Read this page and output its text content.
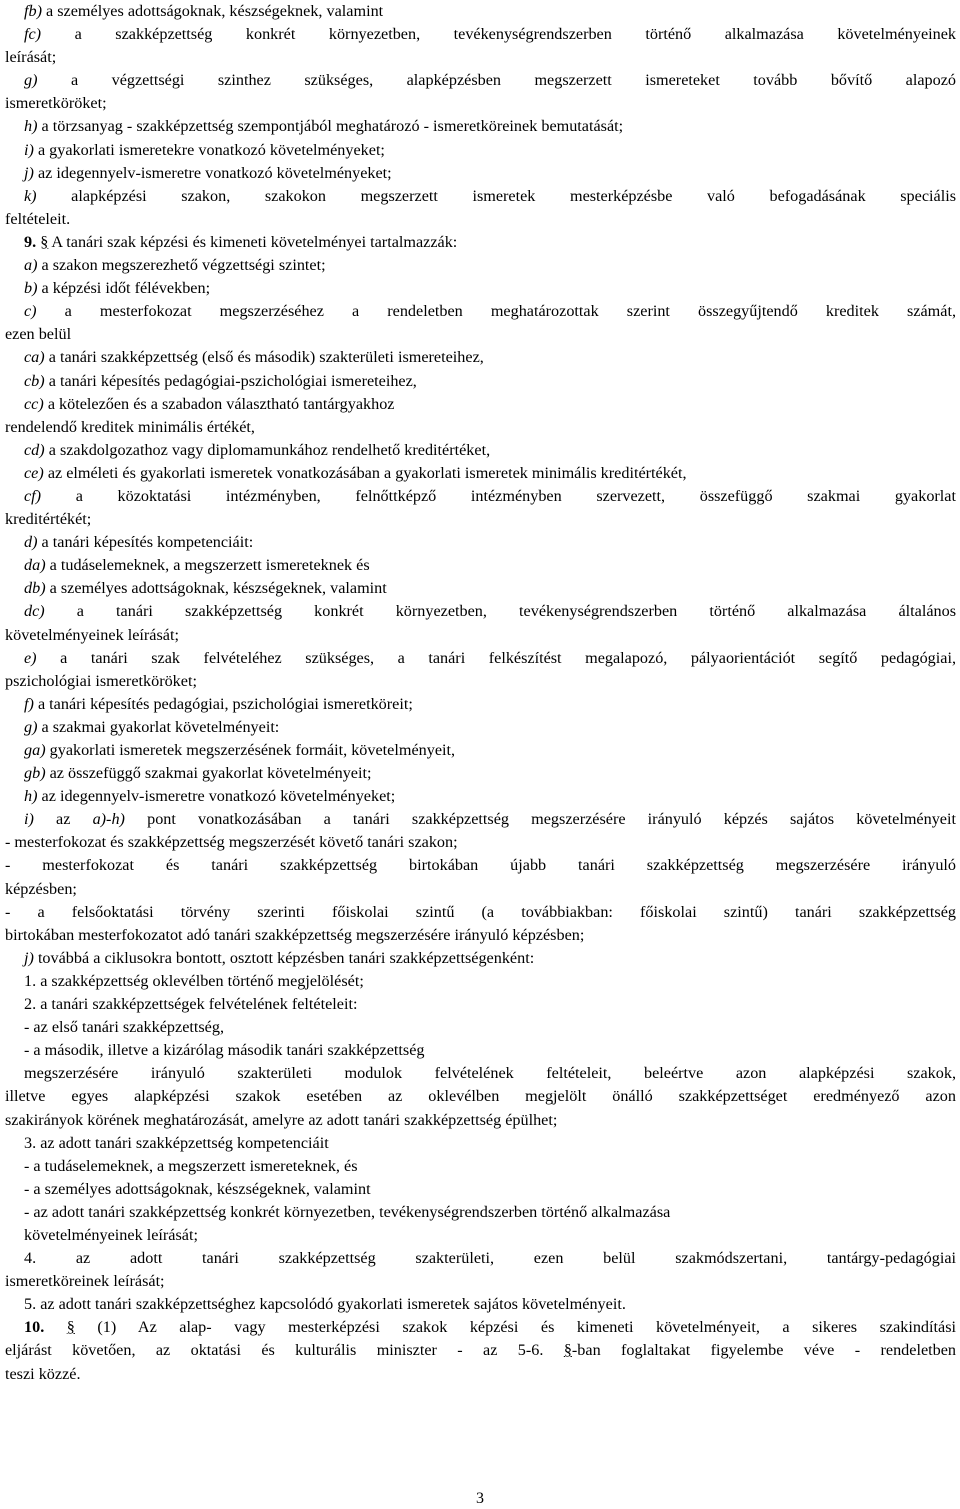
fb) a személyes adottságoknak, készségeknek, valamint

fc) a szakképzettség konkrét környezetben, tevékenységrendszerben történő alkalmazása követelményeinek

leírását;

g) a végzettségi szinthez szükséges, alapképzésben megszerzett ismereteket tovább bővítő alapozó

ismeretköröket;

h) a törzsanyag - szakképzettség szempontjából meghatározó - ismeretköreinek bemutatását;

i) a gyakorlati ismeretekre vonatkozó követelményeket;

j) az idegennyelv-ismeretre vonatkozó követelményeket;

k) alapképzési szakon, szakokon megszerzett ismeretek mesterképzésbe való befogadásának speciális

feltételeit.

9. § A tanári szak képzési és kimeneti követelményei tartalmazzák:

a) a szakon megszerezhető végzettségi szintet;

b) a képzési időt félévekben;

c) a mesterfokozat megszerzéséhez a rendeletben meghatározottak szerint összegyűjtendő kreditek számát,

ezen belül

ca) a tanári szakképzettség (első és második) szakterületi ismereteihez,

cb) a tanári képesítés pedagógiai-pszichológiai ismereteihez,

cc) a kötelezően és a szabadon választható tantárgyakhoz

rendelendő kreditek minimális értékét,

cd) a szakdolgozathoz vagy diplomamunkához rendelhető kreditértéket,

ce) az elméleti és gyakorlati ismeretek vonatkozásában a gyakorlati ismeretek minimális kreditértékét,

cf) a közoktatási intézményben, felnőttképző intézményben szervezett, összefüggő szakmai gyakorlat

kreditértékét;

d) a tanári képesítés kompetenciáit:

da) a tudáselemeknek, a megszerzett ismereteknek és

db) a személyes adottságoknak, készségeknek, valamint

dc) a tanári szakképzettség konkrét környezetben, tevékenységrendszerben történő alkalmazása általános

követelményeinek leírását;

e) a tanári szak felvételéhez szükséges, a tanári felkészítést megalapozó, pályaorientációt segítő pedagógiai,

pszichológiai ismeretköröket;

f) a tanári képesítés pedagógiai, pszichológiai ismeretköreit;

g) a szakmai gyakorlat követelményeit:

ga) gyakorlati ismeretek megszerzésének formáit, követelményeit,

gb) az összefüggő szakmai gyakorlat követelményeit;

h) az idegennyelv-ismeretre vonatkozó követelményeket;

i) az a)-h) pont vonatkozásában a tanári szakképzettség megszerzésére irányuló képzés sajátos követelményeit

- mesterfokozat és szakképzettség megszerzését követő tanári szakon;

- mesterfokozat és tanári szakképzettség birtokában újabb tanári szakképzettség megszerzésére irányuló

képzésben;

- a felsőoktatási törvény szerinti főiskolai szintű (a továbbiakban: főiskolai szintű) tanári szakképzettség

birtokában mesterfokozatot adó tanári szakképzettség megszerzésére irányuló képzésben;

j) továbbá a ciklusokra bontott, osztott képzésben tanári szakképzettségenként:

1. a szakképzettség oklevélben történő megjelölését;

2. a tanári szakképzettségek felvételének feltételeit:

- az első tanári szakképzettség,

- a második, illetve a kizárólag második tanári szakképzettség

megszerzésére irányuló szakterületi modulok felvételének feltételeit, beleértve azon alapképzési szakok,

illetve egyes alapképzési szakok esetében az oklevélben megjelölt önálló szakképzettséget eredményező azon

szakirányok körének meghatározását, amelyre az adott tanári szakképzettség épülhet;

3. az adott tanári szakképzettség kompetenciáit

- a tudáselemeknek, a megszerzett ismereteknek, és

- a személyes adottságoknak, készségeknek, valamint

- az adott tanári szakképzettség konkrét környezetben, tevékenységrendszerben történő alkalmazása

követelményeinek leírását;

4. az adott tanári szakképzettség szakterületi, ezen belül szakmódszertani, tantárgy-pedagógiai

ismeretköreinek leírását;

5. az adott tanári szakképzettséghez kapcsolódó gyakorlati ismeretek sajátos követelményeit.

10. § (1) Az alap- vagy mesterképzési szakok képzési és kimeneti követelményeit, a sikeres szakindítási

eljárást követően, az oktatási és kulturális miniszter - az 5-6. §-ban foglaltakat figyelembe véve - rendeletben

teszi közzé.

3
